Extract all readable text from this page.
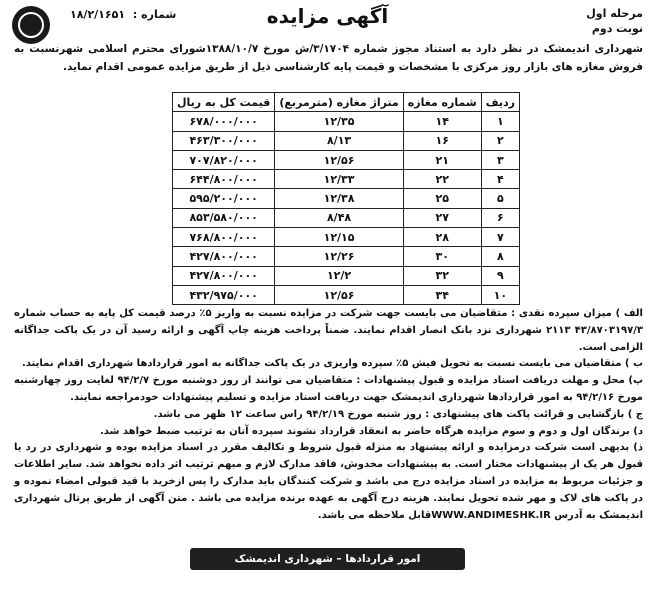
شماره : ۱۸/۲/۱۶۵۱	آگهی مزایده	مرحله اول
نوبت دوم
شهرداری اندیمشک در نظر دارد به استناد مجوز شماره ۳/۱۷۰۴/ش مورخ ۱۳۸۸/۱۰/۷شورای محترم اسلامی شهرنسبت به فروش مغازه های بازار روز مرکزی با مشخصات و قیمت پایه کارشناسی ذیل از طریق مزایده عمومی اقدام نماید.
ردیف	شماره مغازه	متراژ مغازه (مترمربع)	قیمت کل به ریال
۱	۱۴	۱۲/۳۵	۶۷۸/۰۰۰/۰۰۰
۲	۱۶	۸/۱۳	۴۶۳/۳۰۰/۰۰۰
۳	۲۱	۱۲/۵۶	۷۰۷/۸۲۰/۰۰۰
۴	۲۲	۱۲/۳۳	۶۴۴/۸۰۰/۰۰۰
۵	۲۵	۱۲/۳۸	۵۹۵/۲۰۰/۰۰۰
۶	۲۷	۸/۴۸	۸۵۳/۵۸۰/۰۰۰
۷	۲۸	۱۲/۱۵	۷۶۸/۸۰۰/۰۰۰
۸	۳۰	۱۲/۲۶	۴۲۷/۸۰۰/۰۰۰
۹	۳۲	۱۲/۲	۴۲۷/۸۰۰/۰۰۰
۱۰	۳۴	۱۲/۵۶	۴۳۲/۹۷۵/۰۰۰

الف ) میزان سپرده نقدی : متقاضیان می بایست جهت شرکت در مزایده نسبت به واریز ۵٪ درصد قیمت کل پایه به حساب شماره ۴۳/۸۷۰۳۱۹۷/۳ ۲۱۱۳ شهرداری نزد بانک انصار اقدام نمایند. ضمناً پرداخت هزینه چاپ آگهی و ارائه رسید آن در یک پاکت جداگانه الزامی است.

ب ) متقاضیان می بایست نسبت به تحویل فیش ۵٪ سپرده واریزی در یک پاکت جداگانه به امور قراردادها شهرداری اقدام نمایند.

پ) محل و مهلت دریافت اسناد مزایده و قبول پیشنهادات : متقاضیان می توانند از روز دوشنبه مورخ ۹۴/۲/۷ لغایت روز چهارشنبه مورخ ۹۴/۲/۱۶ به امور قراردادها شهرداری اندیمشک جهت دریافت اسناد مزایده و تسلیم پیشنهادات خودمراجعه نمایند.

ج ) بازگشایی و قرائت پاکت های پیشنهادی : روز شنبه مورخ ۹۴/۲/۱۹ راس ساعت ۱۲ ظهر می باشد.

د) برندگان اول و دوم و سوم مزایده هرگاه حاضر به انعقاد قرارداد نشوند سپرده آنان به ترتیب ضبط خواهد شد.

ذ) بدیهی است شرکت درمزایده و ارائه پیشنهاد به منزله قبول شروط و تکالیف مقرر در اسناد مزایده بوده و شهرداری در رد یا قبول هر یک از پیشنهادات مختار است. به پیشنهادات مخدوش، فاقد مدارک لازم و مبهم ترتیب اثر داده نخواهد شد. سایر اطلاعات و جزئیات مربوط به مزایده در اسناد مزایده درج می باشد و شرکت کنندگان باید مدارک را پس ازخرید با قید قبولی امضاء نموده و در پاکت های لاک و مهر شده تحویل نمایند. هزینه درج آگهی به عهده برنده مزایده می باشد . متن آگهی از طریق پرتال شهرداری اندیمشک به آدرس WWW.ANDIMESHK.IRقابل ملاحظه می باشد.

امور قراردادها – شهرداری اندیمشک
